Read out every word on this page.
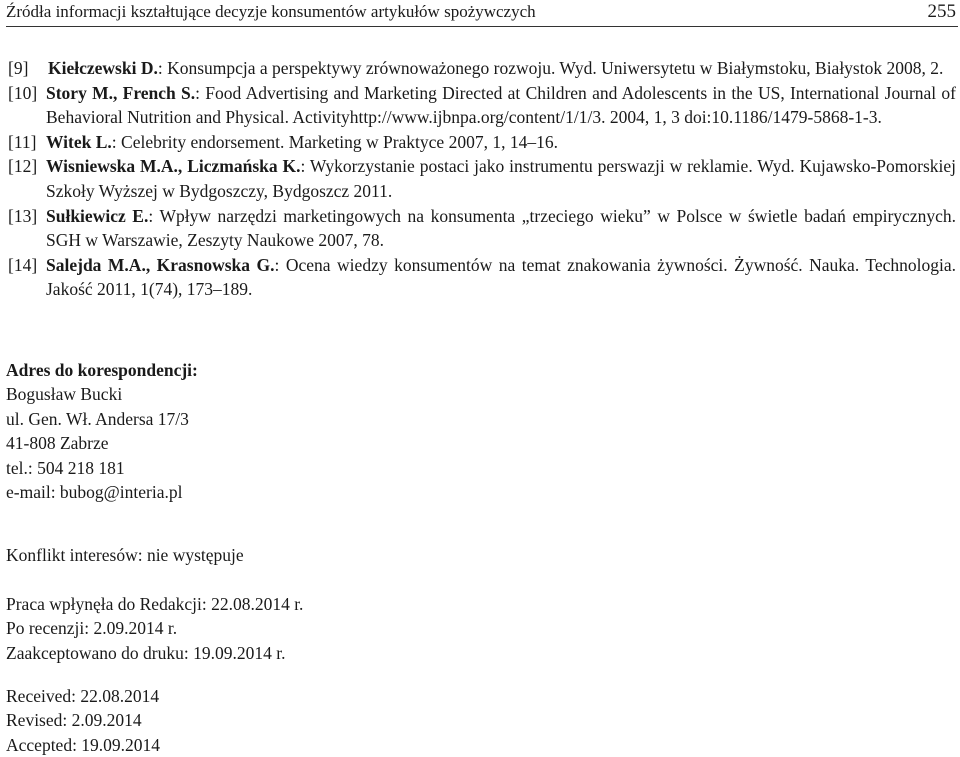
Źródła informacji kształtujące decyzje konsumentów artykułów spożywczych	255
[9] Kiełczewski D.: Konsumpcja a perspektywy zrównoważonego rozwoju. Wyd. Uniwersytetu w Białymstoku, Białystok 2008, 2.
[10] Story M., French S.: Food Advertising and Marketing Directed at Children and Adolescents in the US, International Journal of Behavioral Nutrition and Physical. Activityhttp://www.ijbnpa.org/content/1/1/3. 2004, 1, 3 doi:10.1186/1479-5868-1-3.
[11] Witek L.: Celebrity endorsement. Marketing w Praktyce 2007, 1, 14–16.
[12] Wisniewska M.A., Liczmańska K.: Wykorzystanie postaci jako instrumentu perswazji w reklamie. Wyd. Kujawsko-Pomorskiej Szkoły Wyższej w Bydgoszczy, Bydgoszcz 2011.
[13] Sułkiewicz E.: Wpływ narzędzi marketingowych na konsumenta „trzeciego wieku” w Polsce w świetle badań empirycznych. SGH w Warszawie, Zeszyty Naukowe 2007, 78.
[14] Salejda M.A., Krasnowska G.: Ocena wiedzy konsumentów na temat znakowania żywności. Żywność. Nauka. Technologia. Jakość 2011, 1(74), 173–189.
Adres do korespondencji:
Bogusław Bucki
ul. Gen. Wł. Andersa 17/3
41-808 Zabrze
tel.: 504 218 181
e-mail: bubog@interia.pl
Konflikt interesów: nie występuje
Praca wpłynęła do Redakcji: 22.08.2014 r.
Po recenzji: 2.09.2014 r.
Zaakceptowano do druku: 19.09.2014 r.
Received: 22.08.2014
Revised: 2.09.2014
Accepted: 19.09.2014
